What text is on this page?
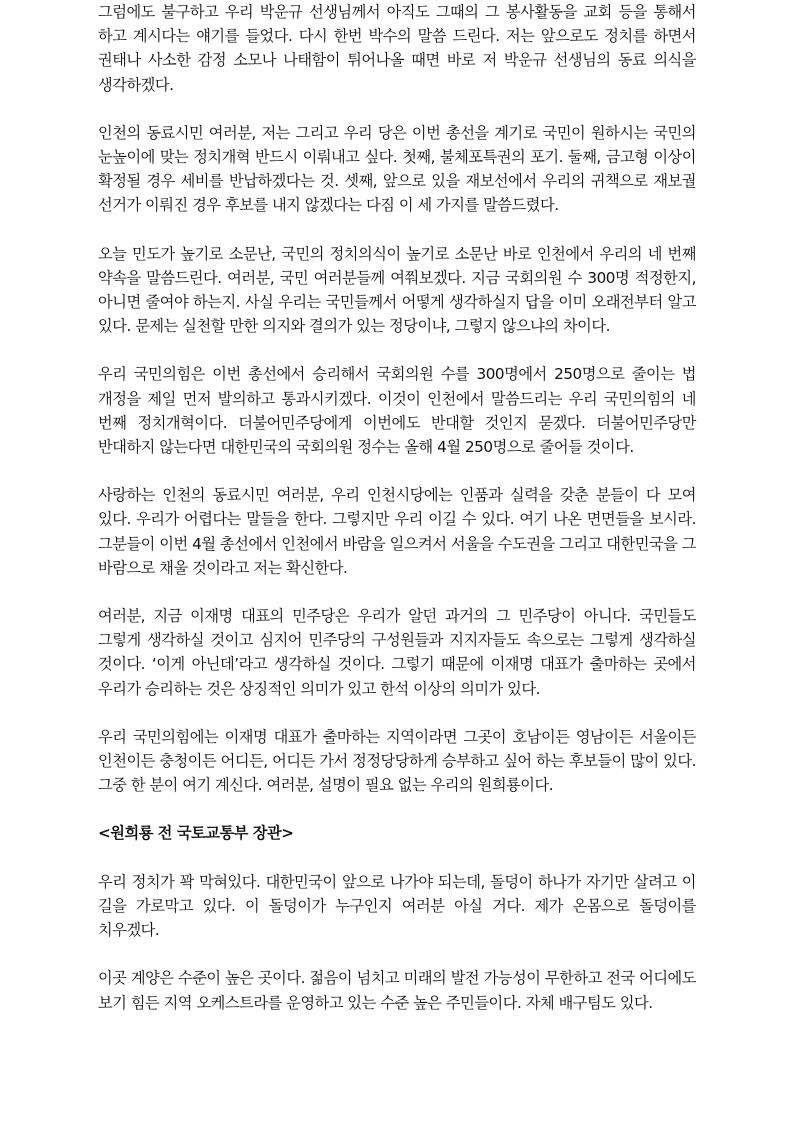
그럼에도 불구하고 우리 박운규 선생님께서 아직도 그때의 그 봉사활동을 교회 등을 통해서 하고 계시다는 얘기를 들었다. 다시 한번 박수의 말씀 드린다. 저는 앞으로도 정치를 하면서 권태나 사소한 감정 소모나 나태함이 튀어나올 때면 바로 저 박운규 선생님의 동료 의식을 생각하겠다.

인천의 동료시민 여러분, 저는 그리고 우리 당은 이번 총선을 계기로 국민이 원하시는 국민의 눈높이에 맞는 정치개혁 반드시 이뤄내고 싶다. 첫째, 불체포특권의 포기. 둘째, 금고형 이상이 확정될 경우 세비를 반납하겠다는 것. 셋째, 앞으로 있을 재보선에서 우리의 귀책으로 재보궐 선거가 이뤄진 경우 후보를 내지 않겠다는 다짐 이 세 가지를 말씀드렸다.

오늘 민도가 높기로 소문난, 국민의 정치의식이 높기로 소문난 바로 인천에서 우리의 네 번째 약속을 말씀드린다. 여러분, 국민 여러분들께 여쭤보겠다. 지금 국회의원 수 300명 적정한지, 아니면 줄여야 하는지. 사실 우리는 국민들께서 어떻게 생각하실지 답을 이미 오래전부터 알고 있다. 문제는 실천할 만한 의지와 결의가 있는 정당이냐, 그렇지 않으냐의 차이다.

우리 국민의힘은 이번 총선에서 승리해서 국회의원 수를 300명에서 250명으로 줄이는 법 개정을 제일 먼저 발의하고 통과시키겠다. 이것이 인천에서 말씀드리는 우리 국민의힘의 네 번째 정치개혁이다. 더불어민주당에게 이번에도 반대할 것인지 묻겠다. 더불어민주당만 반대하지 않는다면 대한민국의 국회의원 정수는 올해 4월 250명으로 줄어들 것이다.

사랑하는 인천의 동료시민 여러분, 우리 인천시당에는 인품과 실력을 갖춘 분들이 다 모여 있다. 우리가 어렵다는 말들을 한다. 그렇지만 우리 이길 수 있다. 여기 나온 면면들을 보시라. 그분들이 이번 4월 총선에서 인천에서 바람을 일으켜서 서울을 수도권을 그리고 대한민국을 그 바람으로 채울 것이라고 저는 확신한다.

여러분, 지금 이재명 대표의 민주당은 우리가 알던 과거의 그 민주당이 아니다. 국민들도 그렇게 생각하실 것이고 심지어 민주당의 구성원들과 지지자들도 속으로는 그렇게 생각하실 것이다. ‘이게 아닌데’라고 생각하실 것이다. 그렇기 때문에 이재명 대표가 출마하는 곳에서 우리가 승리하는 것은 상징적인 의미가 있고 한석 이상의 의미가 있다.

우리 국민의힘에는 이재명 대표가 출마하는 지역이라면 그곳이 호남이든 영남이든 서울이든 인천이든 충청이든 어디든, 어디든 가서 정정당당하게 승부하고 싶어 하는 후보들이 많이 있다. 그중 한 분이 여기 계신다. 여러분, 설명이 필요 없는 우리의 원희룡이다.

<원희룡 전 국토교통부 장관>

우리 정치가 꽉 막혀있다. 대한민국이 앞으로 나가야 되는데, 돌덩이 하나가 자기만 살려고 이 길을 가로막고 있다. 이 돌덩이가 누구인지 여러분 아실 거다. 제가 온몸으로 돌덩이를 치우겠다.

이곳 계양은 수준이 높은 곳이다. 젊음이 넘치고 미래의 발전 가능성이 무한하고 전국 어디에도 보기 힘든 지역 오케스트라를 운영하고 있는 수준 높은 주민들이다. 자체 배구팀도 있다.
